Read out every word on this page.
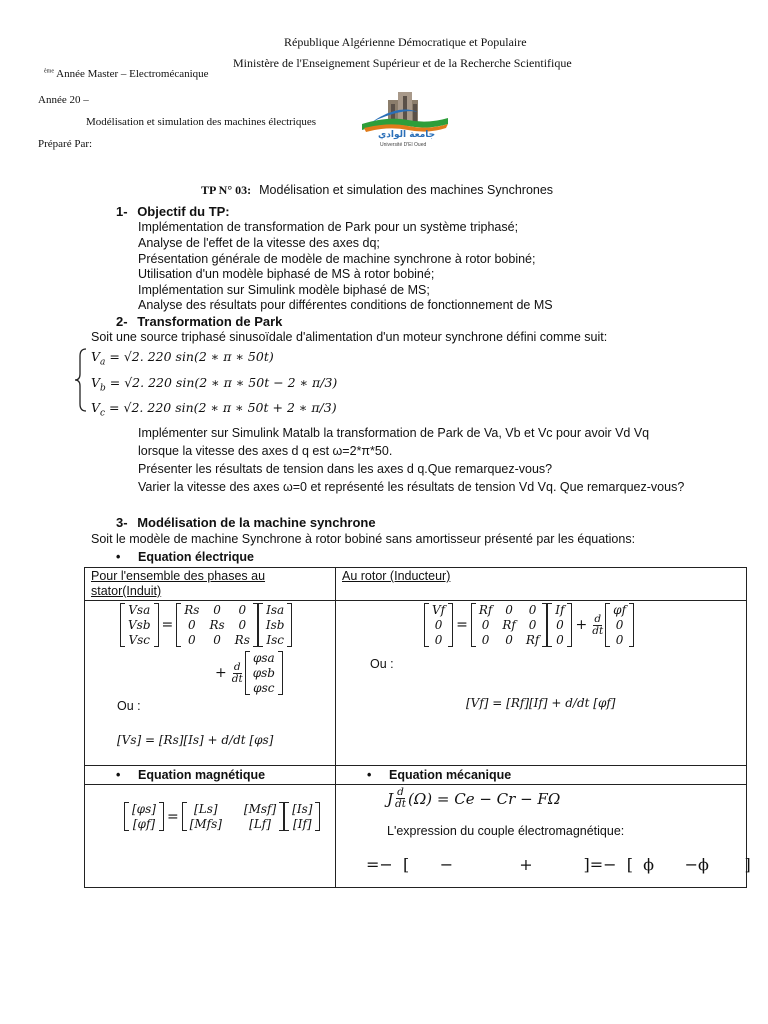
République Algérienne Démocratique et Populaire
Ministère de l'Enseignement Supérieur et de la Recherche Scientifique
$^{ème}$ Année Master – Electromécanique
Année 20 –
Modélisation et simulation des machines électriques
Préparé Par:
جامعة الوادي
Université D'El Oued
TP N° 03: Modélisation et simulation des machines Synchrones
1- Objectif du TP:
Implémentation de transformation de Park pour un système triphasé;
Analyse de l'effet de la vitesse des axes dq;
Présentation générale de modèle de machine synchrone à rotor bobiné;
Utilisation d'un modèle biphasé de MS à rotor bobiné;
Implémentation sur Simulink modèle biphasé de MS;
Analyse des résultats pour différentes conditions de fonctionnement de MS
2- Transformation de Park
Soit une source triphasé sinusoïdale d'alimentation d'un moteur synchrone défini comme suit:
$V_a = √2$. 220 sin(2 ∗ π ∗ 50t)
$V_b = √2$. 220 sin(2 ∗ π ∗ 50t − 2 ∗ π/3)
$V_c = √2$. 220 sin(2 ∗ π ∗ 50t + 2 ∗ π/3)
Implémenter sur Simulink Matalb la transformation de Park de Va, Vb et Vc pour avoir Vd Vq
lorsque la vitesse des axes d q est ω=2*π*50.
Présenter les résultats de tension dans les axes d q.Que remarquez-vous?
Varier la vitesse des axes ω=0 et représenté les résultats de tension Vd Vq. Que remarquez-vous?
3- Modélisation de la machine synchrone
Soit le modèle de machine Synchrone à rotor bobiné sans amortisseur présenté par les équations:
• Equation électrique
Pour l'ensemble des phases au
stator(Induit)
Au rotor (Inducteur)
Vsa
Vsb
Vsc
=
Rs	0	0
0	Rs	0
0	0	Rs
Isa
Isb
Isc
+ $\frac{d}{dt}$
φsa
φsb
φsc
Ou :
[Vs] = [Rs][Is] + d/dt [φs]
Vf
0
0
=
Rf 0 0
0 Rf 0
0 0 Rf
If
0
0
+ $\frac{d}{dt}$
φf
0
0
Ou :
[Vf] = [Rf][If] + d/dt [φf]
• Equation magnétique
•	Equation mécanique
[φs]
[φf] =	[Ls]	[Msf]
[Mfs]	[Lf]
[Is]
[If]
J $\frac{d}{dt} (\Omega) = Ce - Cr - F\Omega$
L'expression du couple électromagnétique:
=−  [      −             +          ]=−  [  ϕ      −ϕ       ]
